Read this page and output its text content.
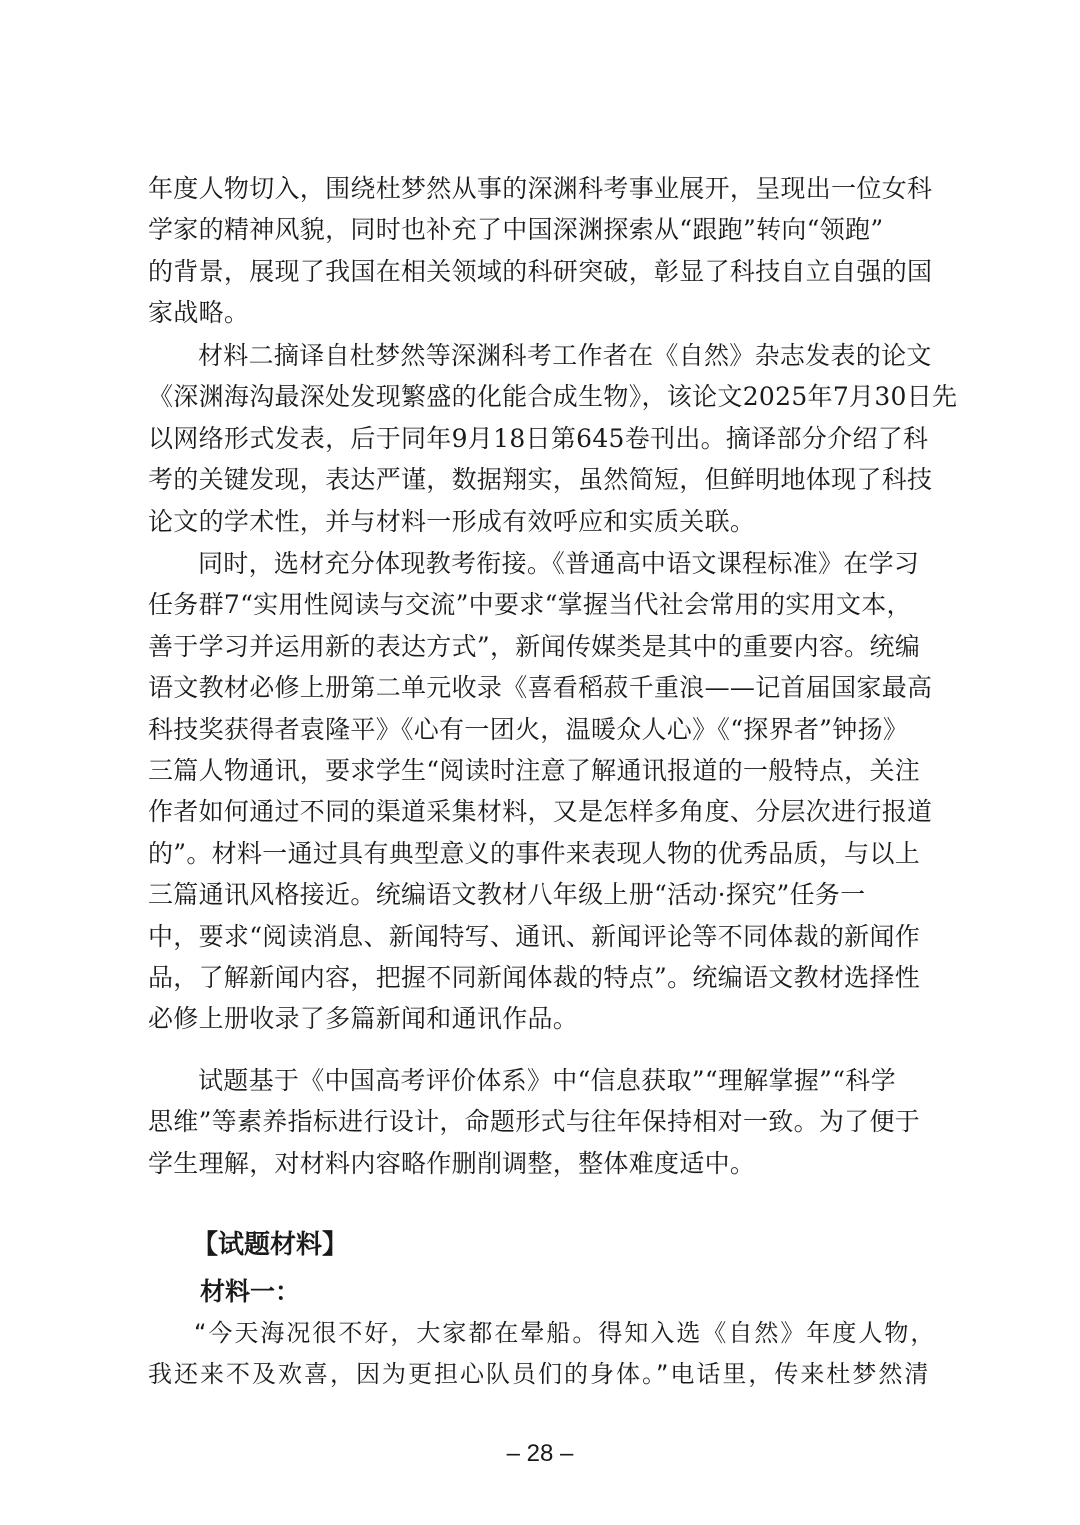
年度人物切入，围绕杜梦然从事的深渊科考事业展开，呈现出一位女科
学家的精神风貌，同时也补充了中国深渊探索从“跟跑”转向“领跑”
的背景，展现了我国在相关领域的科研突破，彰显了科技自立自强的国
家战略。

材料二摘译自杜梦然等深渊科考工作者在《自然》杂志发表的论文
《深渊海沟最深处发现繁盛的化能合成生物》，该论文2025年7月30日先
以网络形式发表，后于同年9月18日第645卷刊出。摘译部分介绍了科
考的关键发现，表达严谨，数据翔实，虽然简短，但鲜明地体现了科技
论文的学术性，并与材料一形成有效呼应和实质关联。

同时，选材充分体现教考衔接。《普通高中语文课程标准》在学习
任务群7“实用性阅读与交流”中要求“掌握当代社会常用的实用文本，
善于学习并运用新的表达方式”，新闻传媒类是其中的重要内容。统编
语文教材必修上册第二单元收录《喜看稻菽千重浪——记首届国家最高
科技奖获得者袁隆平》《心有一团火，温暖众人心》《“探界者”钟扬》
三篇人物通讯，要求学生“阅读时注意了解通讯报道的一般特点，关注
作者如何通过不同的渠道采集材料，又是怎样多角度、分层次进行报道
的”。材料一通过具有典型意义的事件来表现人物的优秀品质，与以上
三篇通讯风格接近。统编语文教材八年级上册“活动·探究”任务一
中，要求“阅读消息、新闻特写、通讯、新闻评论等不同体裁的新闻作
品，了解新闻内容，把握不同新闻体裁的特点”。统编语文教材选择性
必修上册收录了多篇新闻和通讯作品。

试题基于《中国高考评价体系》中“信息获取”“理解掌握”“科学
思维”等素养指标进行设计，命题形式与往年保持相对一致。为了便于
学生理解，对材料内容略作删削调整，整体难度适中。

【试题材料】
材料一：
“今天海况很不好，大家都在晕船。得知入选《自然》年度人物，
我还来不及欢喜，因为更担心队员们的身体。”电话里，传来杜梦然清
– 28 –
